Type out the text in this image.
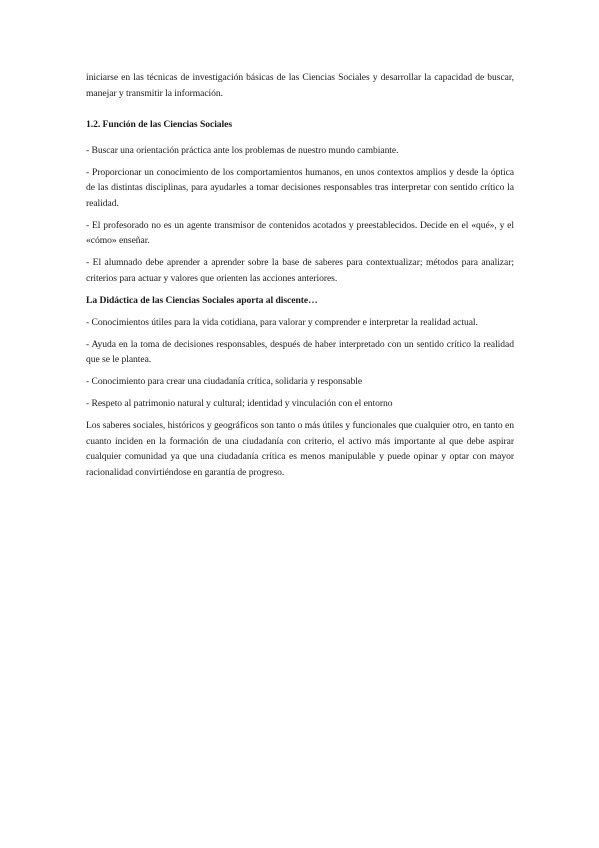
iniciarse en las técnicas de investigación básicas de las Ciencias Sociales y desarrollar la capacidad de buscar, manejar y transmitir la información.

1.2. Función de las Ciencias Sociales

- Buscar una orientación práctica ante los problemas de nuestro mundo cambiante.

- Proporcionar un conocimiento de los comportamientos humanos, en unos contextos amplios y desde la óptica de las distintas disciplinas, para ayudarles a tomar decisiones responsables tras interpretar con sentido crítico la realidad.

- El profesorado no es un agente transmisor de contenidos acotados y preestablecidos. Decide en el «qué», y el «cómo» enseñar.

- El alumnado debe aprender a aprender sobre la base de saberes para contextualizar; métodos para analizar; criterios para actuar y valores que orienten las acciones anteriores.

La Didáctica de las Ciencias Sociales aporta al discente…

- Conocimientos útiles para la vida cotidiana, para valorar y comprender e interpretar la realidad actual.

- Ayuda en la toma de decisiones responsables, después de haber interpretado con un sentido crítico la realidad que se le plantea.

- Conocimiento para crear una ciudadanía crítica, solidaria y responsable

- Respeto al patrimonio natural y cultural; identidad y vinculación con el entorno

Los saberes sociales, históricos y geográficos son tanto o más útiles y funcionales que cualquier otro, en tanto en cuanto inciden en la formación de una ciudadanía con criterio, el activo más importante al que debe aspirar cualquier comunidad ya que una ciudadanía crítica es menos manipulable y puede opinar y optar con mayor racionalidad convirtiéndose en garantía de progreso.
